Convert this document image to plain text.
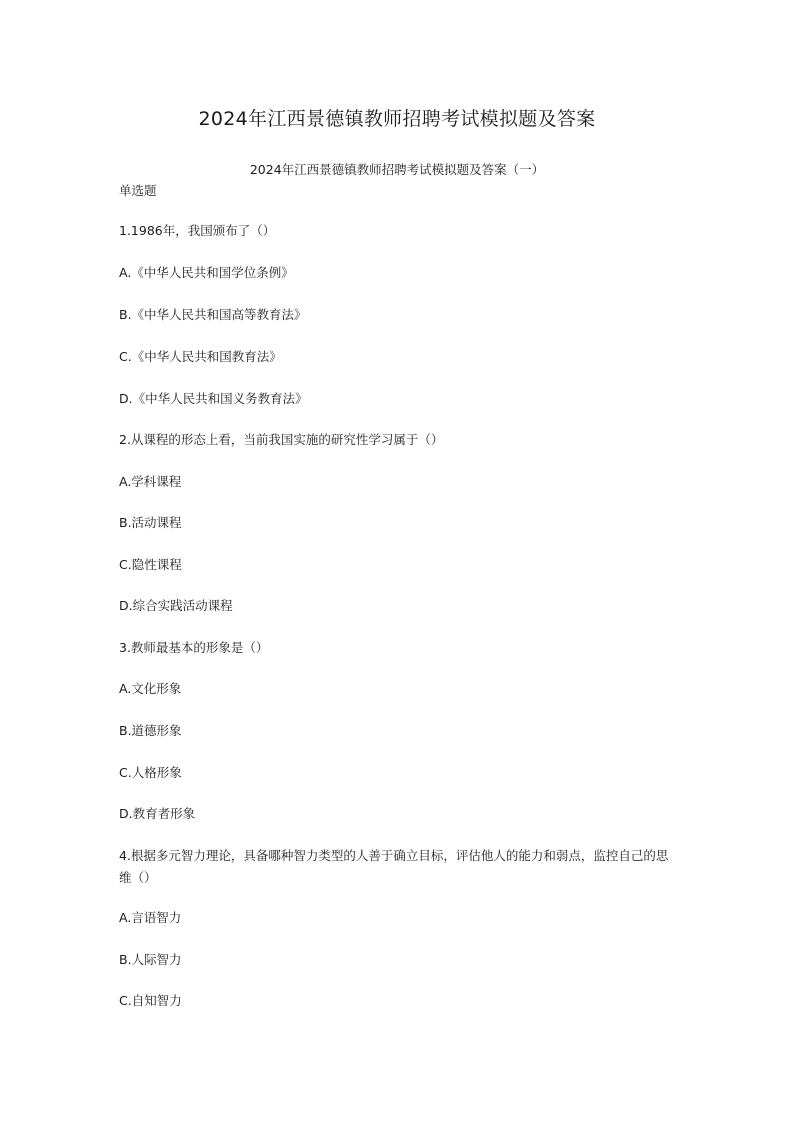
2024年江西景德镇教师招聘考试模拟题及答案
2024年江西景德镇教师招聘考试模拟题及答案（一）
单选题
1.1986年，我国颁布了（）
A.《中华人民共和国学位条例》
B.《中华人民共和国高等教育法》
C.《中华人民共和国教育法》
D.《中华人民共和国义务教育法》
2.从课程的形态上看，当前我国实施的研究性学习属于（）
A.学科课程
B.活动课程
C.隐性课程
D.综合实践活动课程
3.教师最基本的形象是（）
A.文化形象
B.道德形象
C.人格形象
D.教育者形象
4.根据多元智力理论，具备哪种智力类型的人善于确立目标，评估他人的能力和弱点，监控自己的思维（）
A.言语智力
B.人际智力
C.自知智力
